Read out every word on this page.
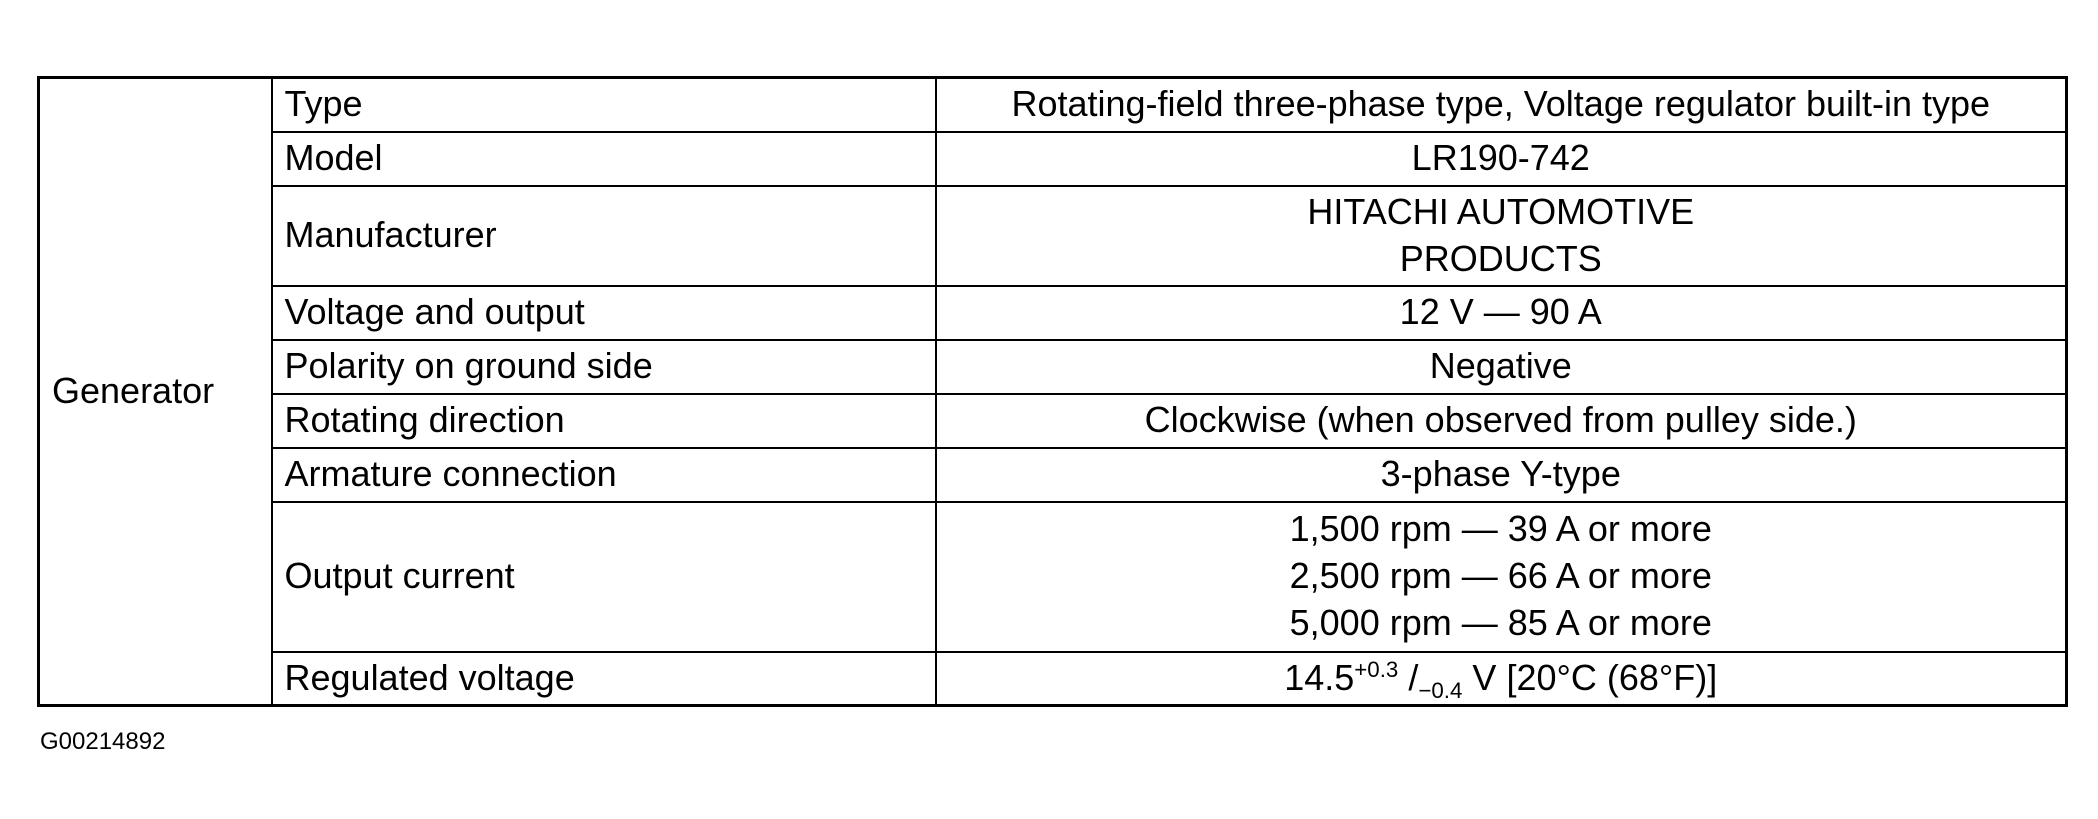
Generator	Type	Rotating-field three-phase type, Voltage regulator built-in type

	Model	LR190-742

	Manufacturer	HITACHI AUTOMOTIVE
PRODUCTS

	Voltage and output	12 V — 90 A

	Polarity on ground side	Negative

	Rotating direction	Clockwise (when observed from pulley side.)

	Armature connection	3-phase Y-type

	Output current	1,500 rpm — 39 A or more
2,500 rpm — 66 A or more
5,000 rpm — 85 A or more

	Regulated voltage	$14.5^{+0.3}$ $/_{-0.4}$ V [20°C (68°F)]
G00214892
